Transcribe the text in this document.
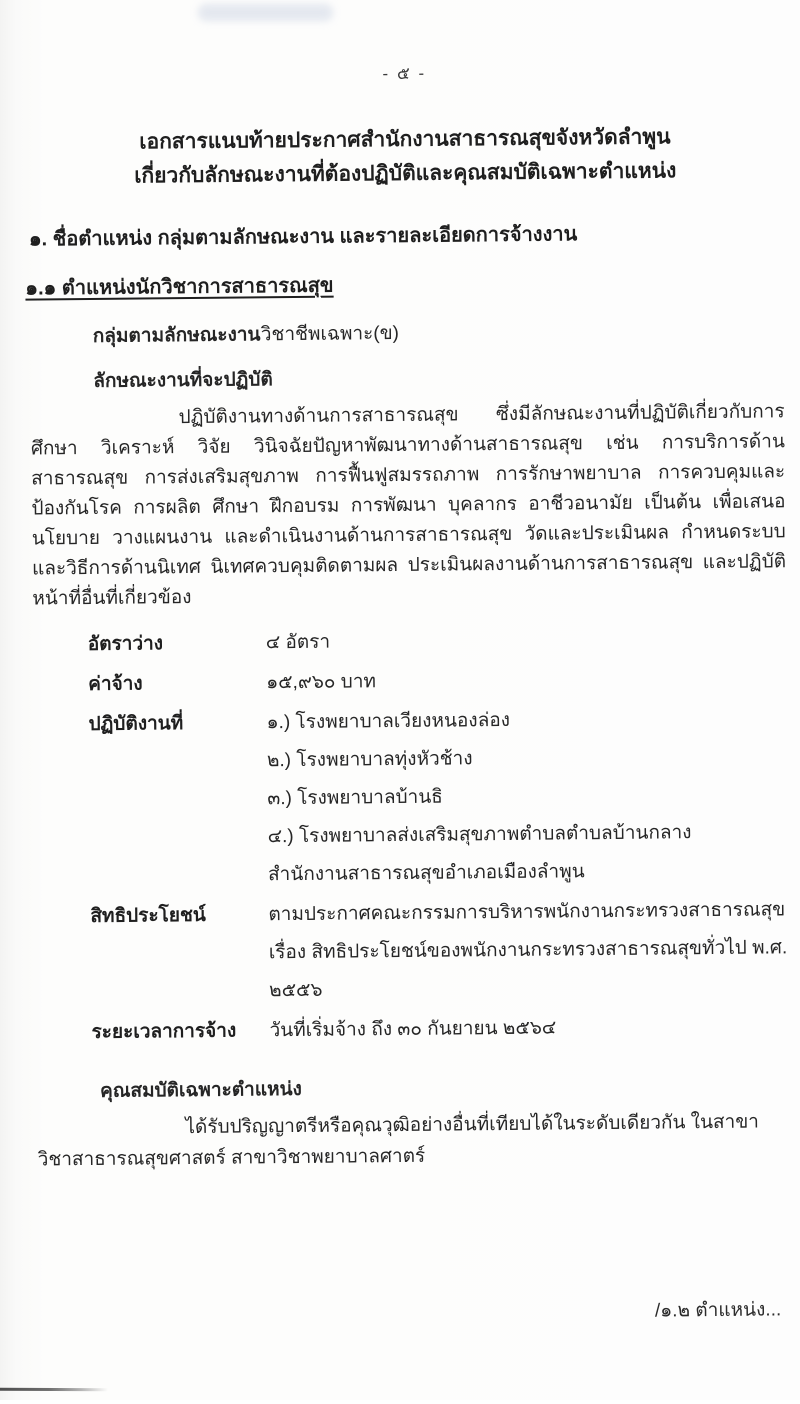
- ๕ -
เอกสารแนบท้ายประกาศสำนักงานสาธารณสุขจังหวัดลำพูน
เกี่ยวกับลักษณะงานที่ต้องปฏิบัติและคุณสมบัติเฉพาะตำแหน่ง
๑. ชื่อตำแหน่ง กลุ่มตามลักษณะงาน และรายละเอียดการจ้างงาน
๑.๑ ตำแหน่งนักวิชาการสาธารณสุข
กลุ่มตามลักษณะงานวิชาชีพเฉพาะ(ข)
ลักษณะงานที่จะปฏิบัติ

ปฏิบัติงานทางด้านการสาธารณสุข ซึ่งมีลักษณะงานที่ปฏิบัติเกี่ยวกับการศึกษา วิเคราะห์ วิจัย วินิจฉัยปัญหาพัฒนาทางด้านสาธารณสุข เช่น การบริการด้านสาธารณสุข การส่งเสริมสุขภาพ การฟื้นฟูสมรรถภาพ การรักษาพยาบาล การควบคุมและป้องกันโรค การผลิต ศึกษา ฝึกอบรม การพัฒนา บุคลากร อาชีวอนามัย เป็นต้น เพื่อเสนอนโยบาย วางแผนงาน และดำเนินงานด้านการสาธารณสุข วัดและประเมินผล กำหนดระบบและวิธีการด้านนิเทศ นิเทศควบคุมติดตามผล ประเมินผลงานด้านการสาธารณสุข และปฏิบัติหน้าที่อื่นที่เกี่ยวข้อง

อัตราว่าง	๔ อัตรา
ค่าจ้าง	๑๕,๙๖๐ บาท
ปฏิบัติงานที่	๑.) โรงพยาบาลเวียงหนองล่อง
๒.) โรงพยาบาลทุ่งหัวช้าง
๓.) โรงพยาบาลบ้านธิ
๔.) โรงพยาบาลส่งเสริมสุขภาพตำบลตำบลบ้านกลาง
สำนักงานสาธารณสุขอำเภอเมืองลำพูน
สิทธิประโยชน์	ตามประกาศคณะกรรมการบริหารพนักงานกระทรวงสาธารณสุข
เรื่อง สิทธิประโยชน์ของพนักงานกระทรวงสาธารณสุขทั่วไป พ.ศ. ๒๕๕๖
ระยะเวลาการจ้าง	วันที่เริ่มจ้าง ถึง ๓๐ กันยายน ๒๕๖๔
คุณสมบัติเฉพาะตำแหน่ง

ได้รับปริญญาตรีหรือคุณวุฒิอย่างอื่นที่เทียบได้ในระดับเดียวกัน ในสาขาวิชาสาธารณสุขศาสตร์ สาขาวิชาพยาบาลศาตร์

/๑.๒ ตำแหน่ง...
